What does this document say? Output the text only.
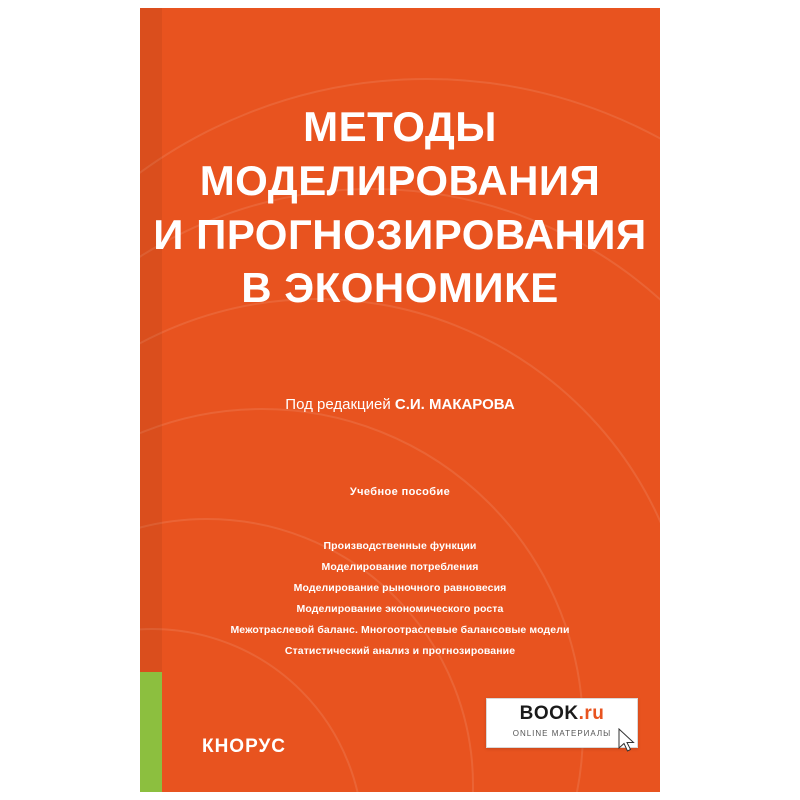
МЕТОДЫ
МОДЕЛИРОВАНИЯ
И ПРОГНОЗИРОВАНИЯ
В ЭКОНОМИКЕ
Под редакцией С.И. МАКАРОВА
Учебное пособие
Производственные функции
Моделирование потребления
Моделирование рыночного равновесия
Моделирование экономического роста
Межотраслевой баланс. Многоотраслевые балансовые модели
Статистический анализ и прогнозирование
КНОРУС
BOOK.ru
ONLINE МАТЕРИАЛЫ
